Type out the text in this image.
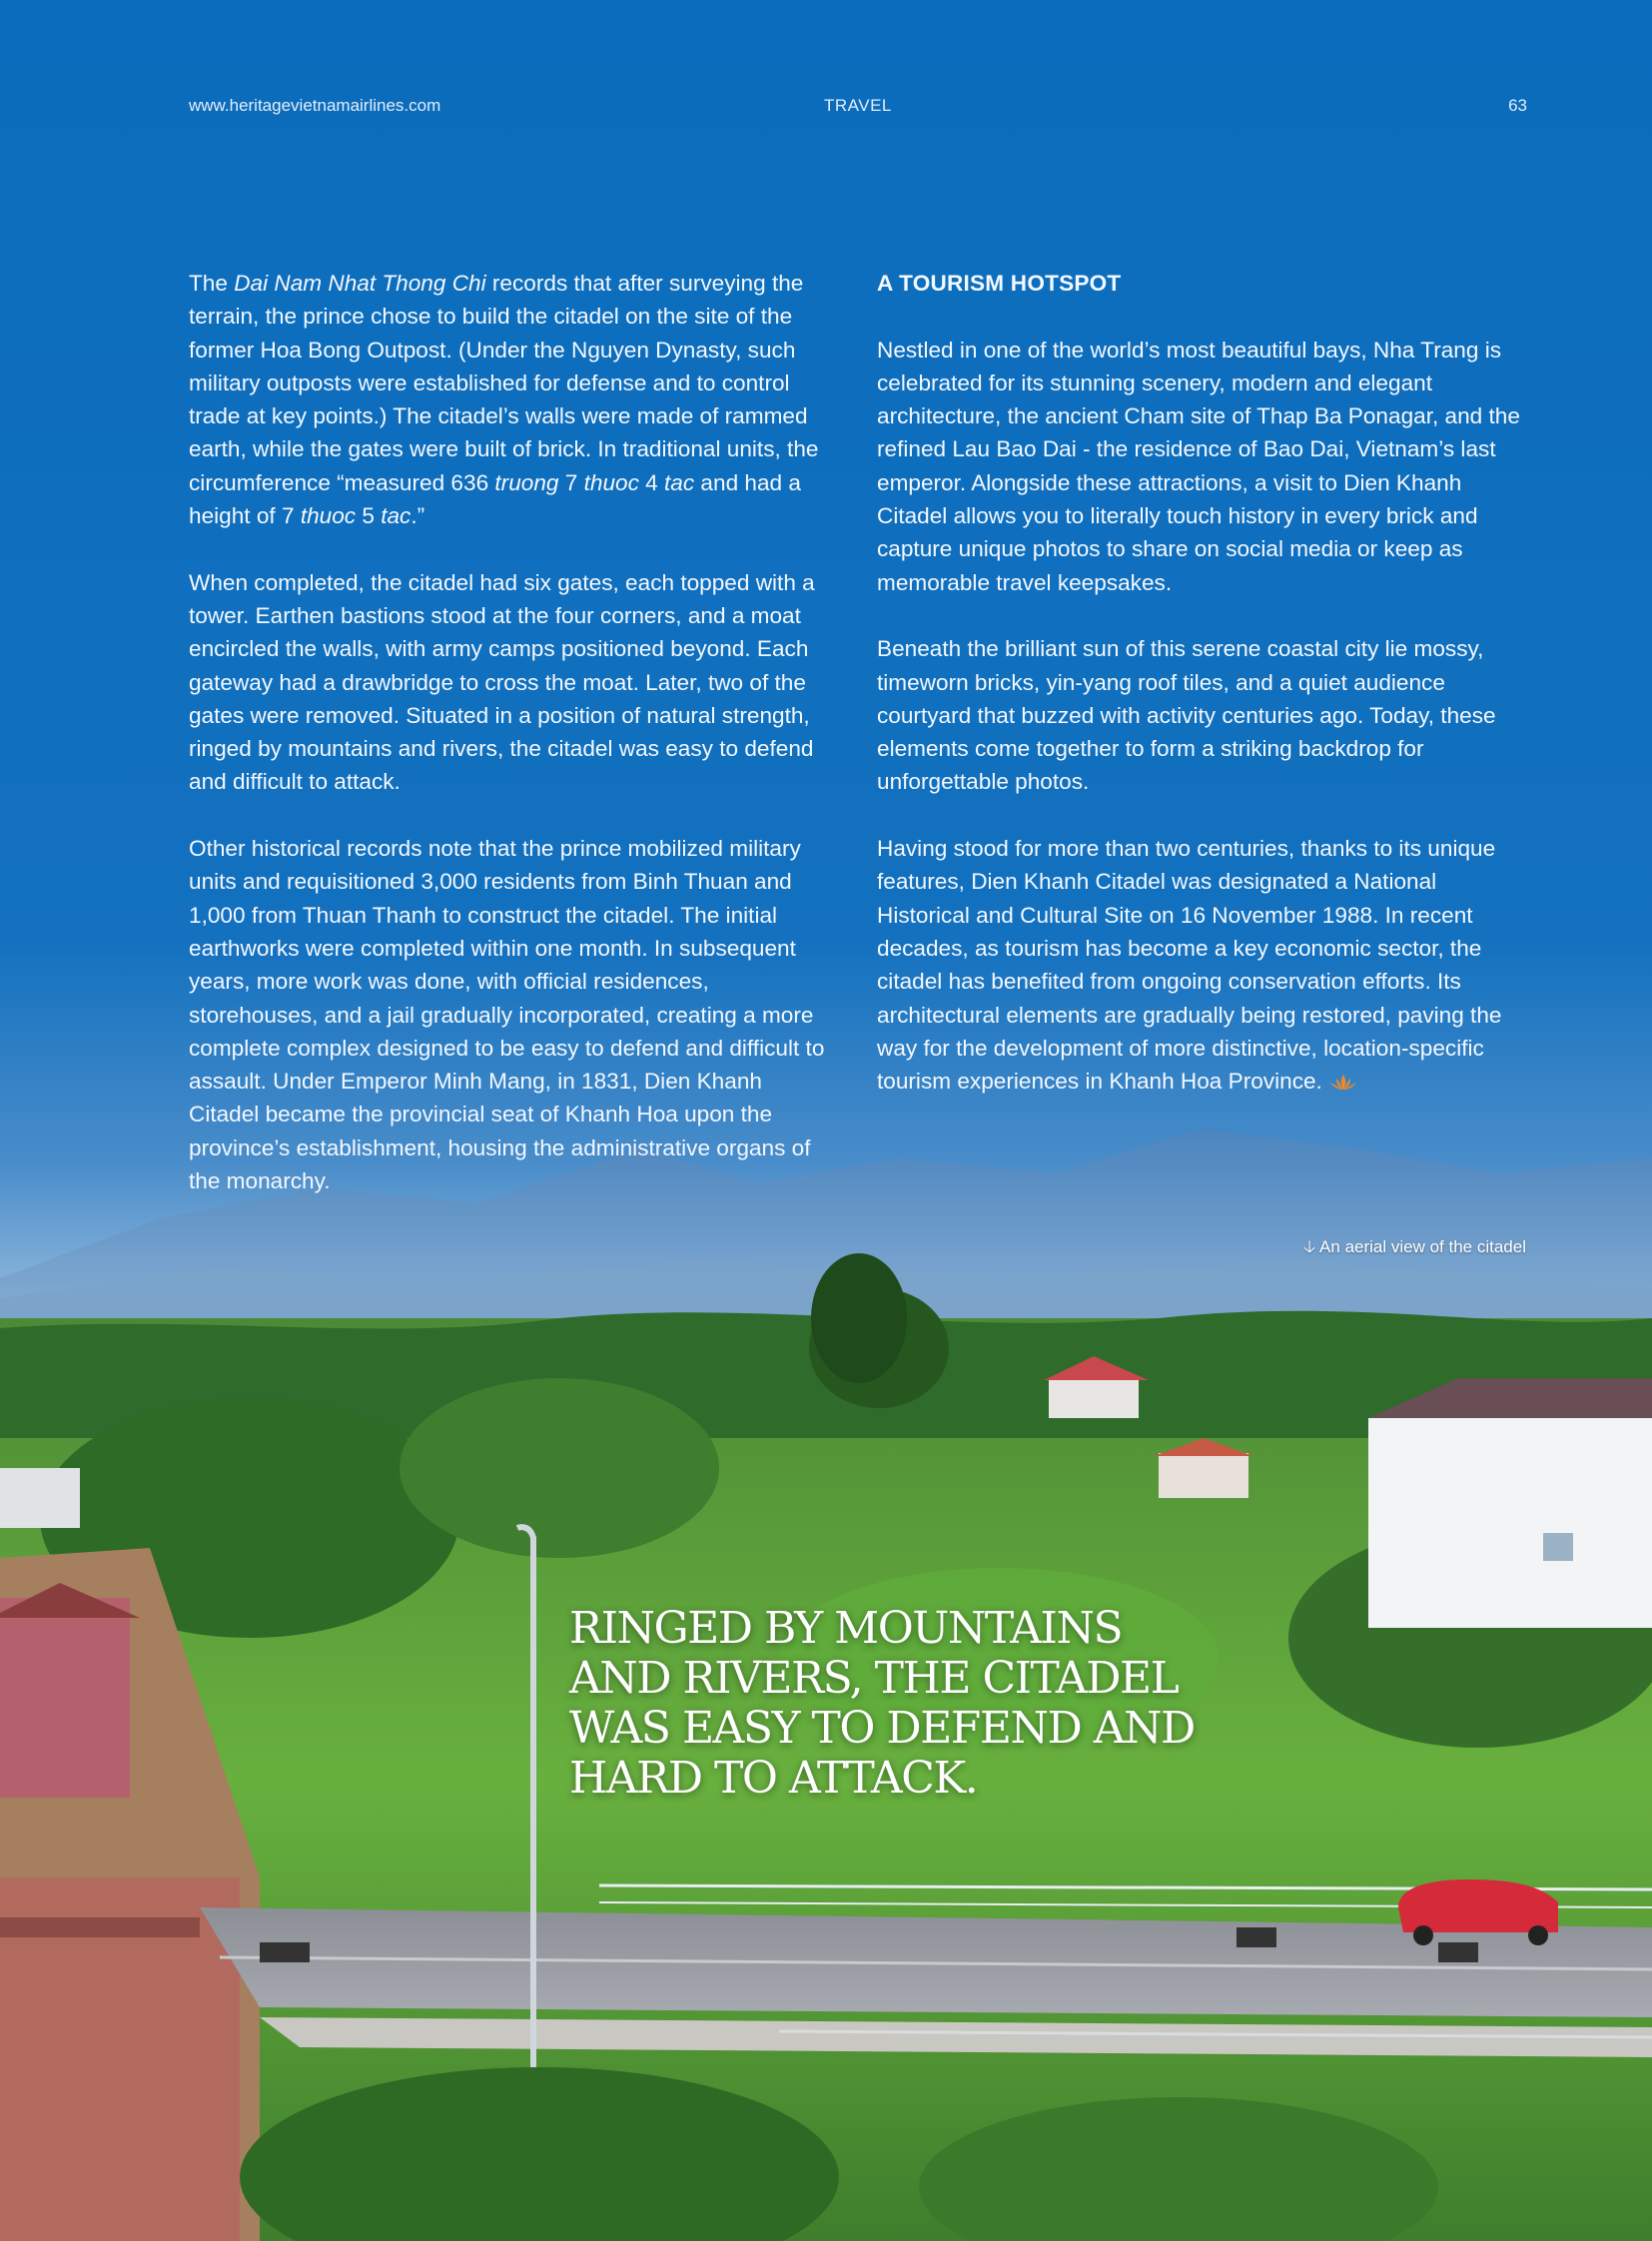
www.heritagevietnamairlines.com	TRAVEL	63

The Dai Nam Nhat Thong Chi records that after surveying the terrain, the prince chose to build the citadel on the site of the former Hoa Bong Outpost. (Under the Nguyen Dynasty, such military outposts were established for defense and to control trade at key points.) The citadel’s walls were made of rammed earth, while the gates were built of brick. In traditional units, the circumference “measured 636 truong 7 thuoc 4 tac and had a height of 7 thuoc 5 tac.”

When completed, the citadel had six gates, each topped with a tower. Earthen bastions stood at the four corners, and a moat encircled the walls, with army camps positioned beyond. Each gateway had a drawbridge to cross the moat. Later, two of the gates were removed. Situated in a position of natural strength, ringed by mountains and rivers, the citadel was easy to defend and difficult to attack.

Other historical records note that the prince mobilized military units and requisitioned 3,000 residents from Binh Thuan and 1,000 from Thuan Thanh to construct the citadel. The initial earthworks were completed within one month. In subsequent years, more work was done, with official residences, storehouses, and a jail gradually incorporated, creating a more complete complex designed to be easy to defend and difficult to assault. Under Emperor Minh Mang, in 1831, Dien Khanh Citadel became the provincial seat of Khanh Hoa upon the province’s establishment, housing the administrative organs of the monarchy.

A TOURISM HOTSPOT

Nestled in one of the world’s most beautiful bays, Nha Trang is celebrated for its stunning scenery, modern and elegant architecture, the ancient Cham site of Thap Ba Ponagar, and the refined Lau Bao Dai - the residence of Bao Dai, Vietnam’s last emperor. Alongside these attractions, a visit to Dien Khanh Citadel allows you to literally touch history in every brick and capture unique photos to share on social media or keep as memorable travel keepsakes.

Beneath the brilliant sun of this serene coastal city lie mossy, timeworn bricks, yin-yang roof tiles, and a quiet audience courtyard that buzzed with activity centuries ago. Today, these elements come together to form a striking backdrop for unforgettable photos.

Having stood for more than two centuries, thanks to its unique features, Dien Khanh Citadel was designated a National Historical and Cultural Site on 16 November 1988. In recent decades, as tourism has become a key economic sector, the citadel has benefited from ongoing conservation efforts. Its architectural elements are gradually being restored, paving the way for the development of more distinctive, location-specific tourism experiences in Khanh Hoa Province.

🡣 An aerial view of the citadel
RINGED BY MOUNTAINS AND RIVERS, THE CITADEL WAS EASY TO DEFEND AND HARD TO ATTACK.
